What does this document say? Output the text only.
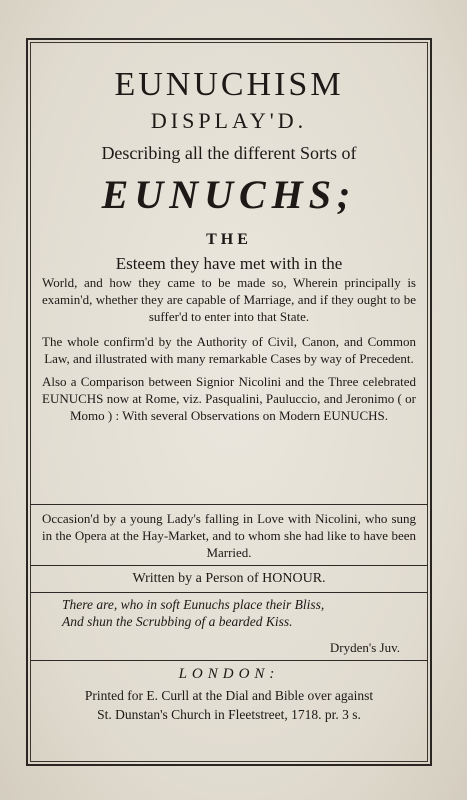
EUNUCHISM
DISPLAY'D.
Describing all the different Sorts of
EUNUCHS;
THE
Esteem they have met with in the
World, and how they came to be made so, Wherein principally is examin'd, whether they are capable of Marriage, and if they ought to be suffer'd to enter into that State.
The whole confirm'd by the Authority of Civil, Canon, and Common Law, and illustrated with many remarkable Cases by way of Precedent.
Also a Comparison between Signior Nicolini and the Three celebrated EUNUCHS now at Rome, viz. Pasqualini, Pauluccio, and Jeronimo ( or Momo ) : With several Observations on Modern EUNUCHS.
Occasion'd by a young Lady's falling in Love with Nicolini, who sung in the Opera at the Hay-Market, and to whom she had like to have been Married.
Written by a Person of HONOUR.
There are, who in soft Eunuchs place their Bliss,
And shun the Scrubbing of a bearded Kiss.
Dryden's Juv.
LONDON:
Printed for E. Curll at the Dial and Bible over against
St. Dunstan's Church in Fleetstreet, 1718. pr. 3 s.
